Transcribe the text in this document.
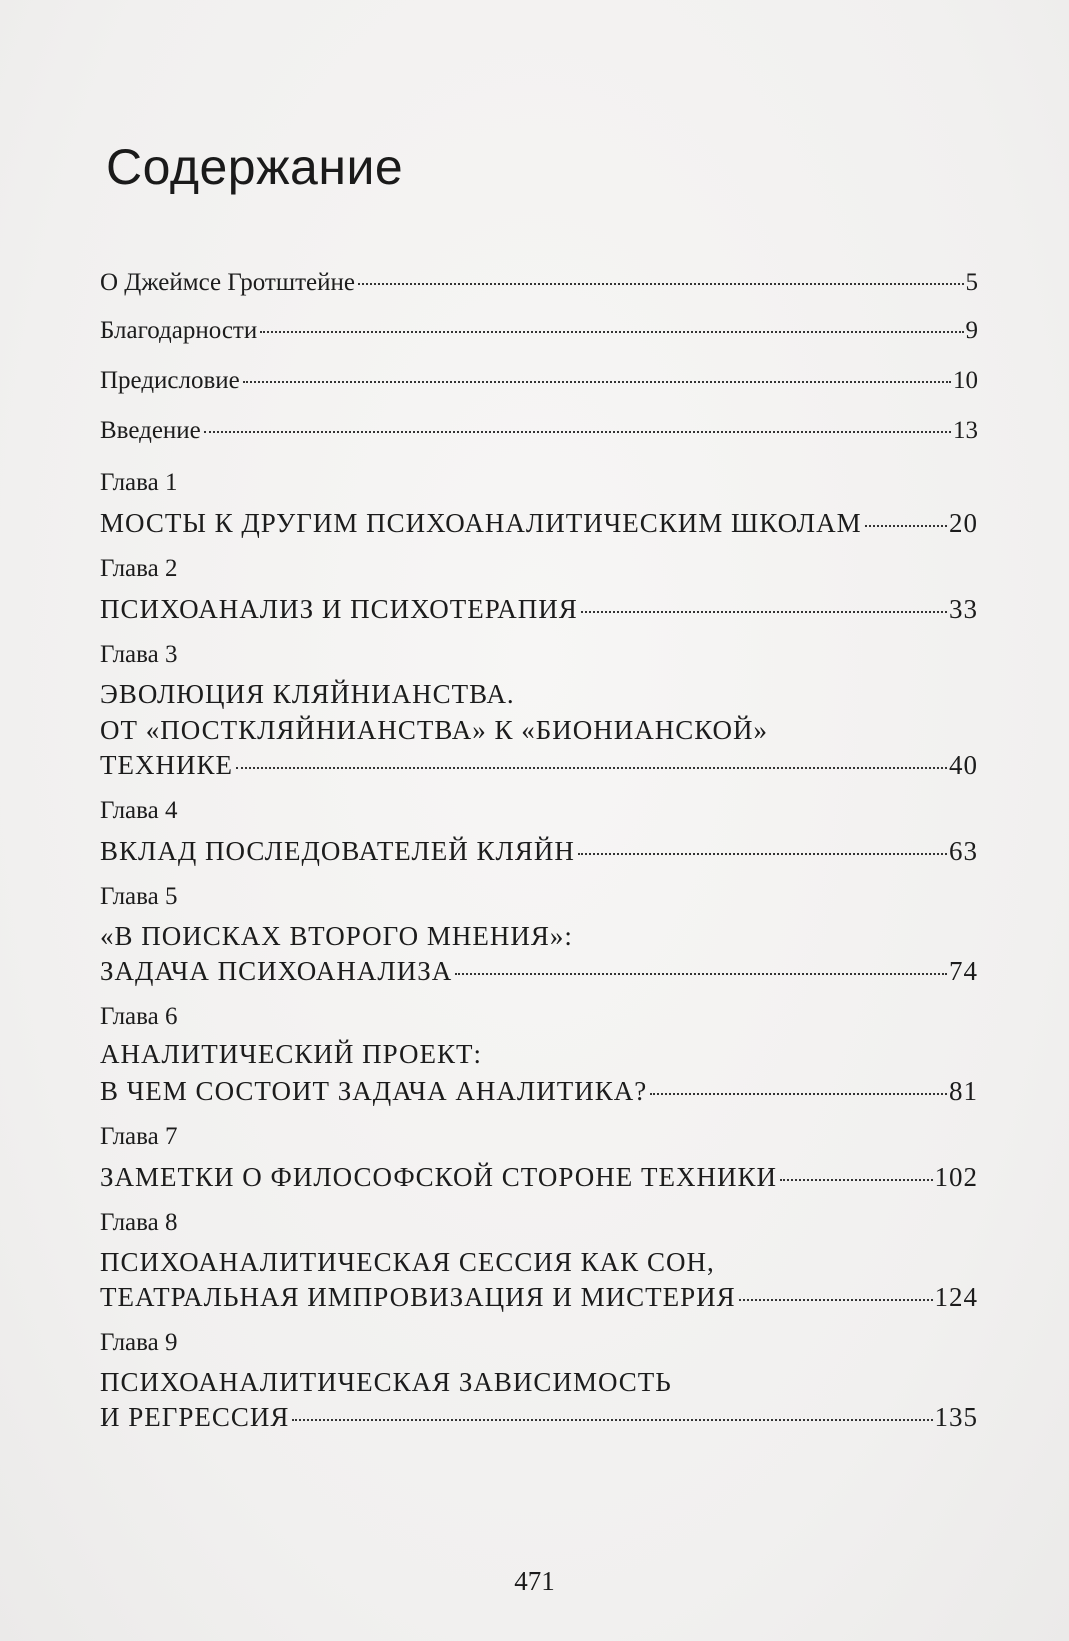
Содержание
О Джеймсе Гротштейне	5
Благодарности	9
Предисловие	10
Введение	13
Глава 1
МОСТЫ К ДРУГИМ ПСИХОАНАЛИТИЧЕСКИМ ШКОЛАМ	20
Глава 2
ПСИХОАНАЛИЗ И ПСИХОТЕРАПИЯ	33
Глава 3
ЭВОЛЮЦИЯ КЛЯЙНИАНСТВА.
ОТ «ПОСТКЛЯЙНИАНСТВА» К «БИОНИАНСКОЙ»
ТЕХНИКЕ	40
Глава 4
ВКЛАД ПОСЛЕДОВАТЕЛЕЙ КЛЯЙН	63
Глава 5
«В ПОИСКАХ ВТОРОГО МНЕНИЯ»:
ЗАДАЧА ПСИХОАНАЛИЗА	74
Глава 6
АНАЛИТИЧЕСКИЙ ПРОЕКТ:
В ЧЕМ СОСТОИТ ЗАДАЧА АНАЛИТИКА?	81
Глава 7
ЗАМЕТКИ О ФИЛОСОФСКОЙ СТОРОНЕ ТЕХНИКИ	102
Глава 8
ПСИХОАНАЛИТИЧЕСКАЯ СЕССИЯ КАК СОН,
ТЕАТРАЛЬНАЯ ИМПРОВИЗАЦИЯ И МИСТЕРИЯ	124
Глава 9
ПСИХОАНАЛИТИЧЕСКАЯ ЗАВИСИМОСТЬ
И РЕГРЕССИЯ	135
471
